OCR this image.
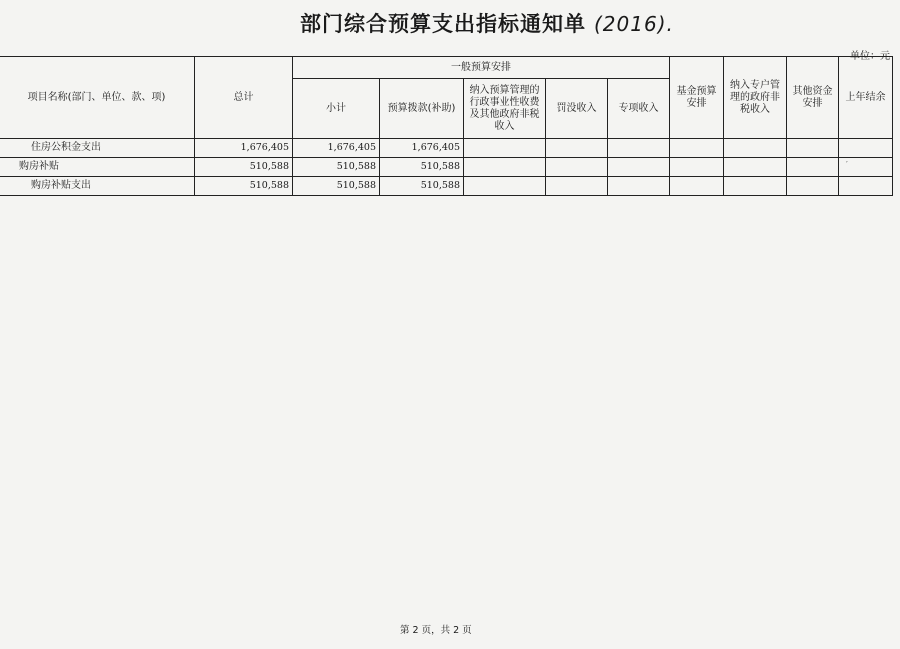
部门综合预算支出指标通知单 (2016).
单位：元
项目名称(部门、单位、款、项)	总计	一般预算安排					基金预算安排	纳入专户管理的政府非税收入	其他资金安排	上年结余
		小计	预算拨款(补助)	纳入预算管理的行政事业性收费及其他政府非税收入	罚没收入	专项收入				
住房公积金支出	1,676,405	1,676,405	1,676,405							
购房补贴	510,588	510,588	510,588							
购房补贴支出	510,588	510,588	510,588							
′
第 2 页，共 2 页
